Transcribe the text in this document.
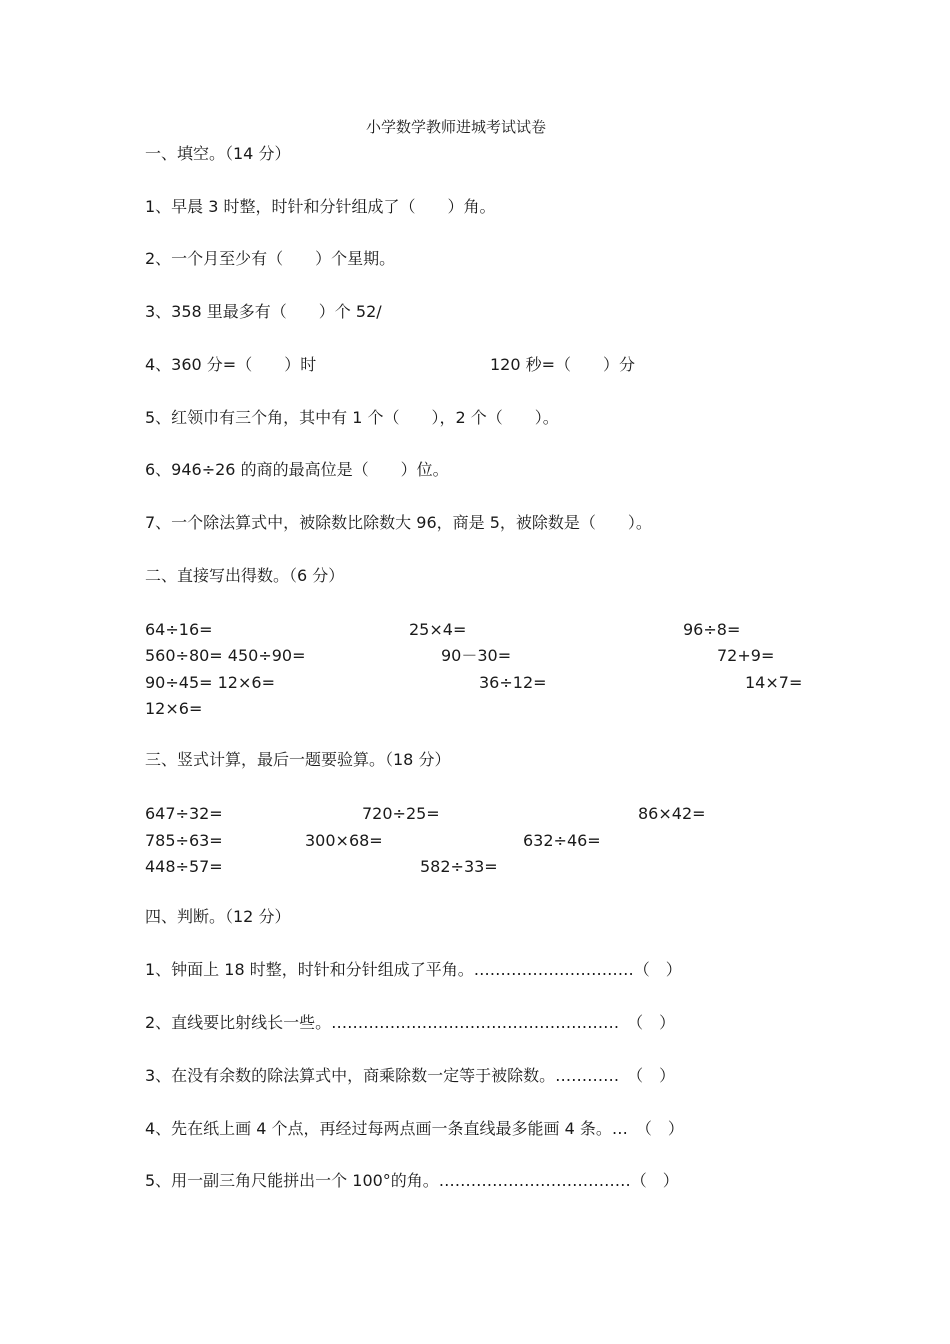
小学数学教师进城考试试卷
一、填空。（14 分）
1、早晨 3 时整，时针和分针组成了（　　）角。
2、一个月至少有（　　）个星期。
3、358 里最多有（　　）个 52/
4、360 分=（　　）时	120 秒=（　　）分
5、红领巾有三个角，其中有 1 个（　　），2 个（　　）。
6、946÷26 的商的最高位是（　　）位。
7、一个除法算式中，被除数比除数大 96，商是 5，被除数是（　　）。
二、直接写出得数。（6 分）
64÷16=	25×4=	96÷8=
560÷80= 450÷90=	90－30=	72+9=
90÷45= 12×6=	36÷12=	14×7=
12×6=
三、竖式计算，最后一题要验算。（18 分）
647÷32=	720÷25=	86×42=
785÷63=	300×68=	632÷46=
448÷57=	582÷33=
四、判断。（12 分）
1、钟面上 18 时整，时针和分针组成了平角。…………………………（　）
2、直线要比射线长一些。………………………………………………　（　）
3、在没有余数的除法算式中，商乘除数一定等于被除数。…………　（　）
4、先在纸上画 4 个点，再经过每两点画一条直线最多能画 4 条。…　（　）
5、用一副三角尺能拼出一个 100°的角。………………………………（　）
